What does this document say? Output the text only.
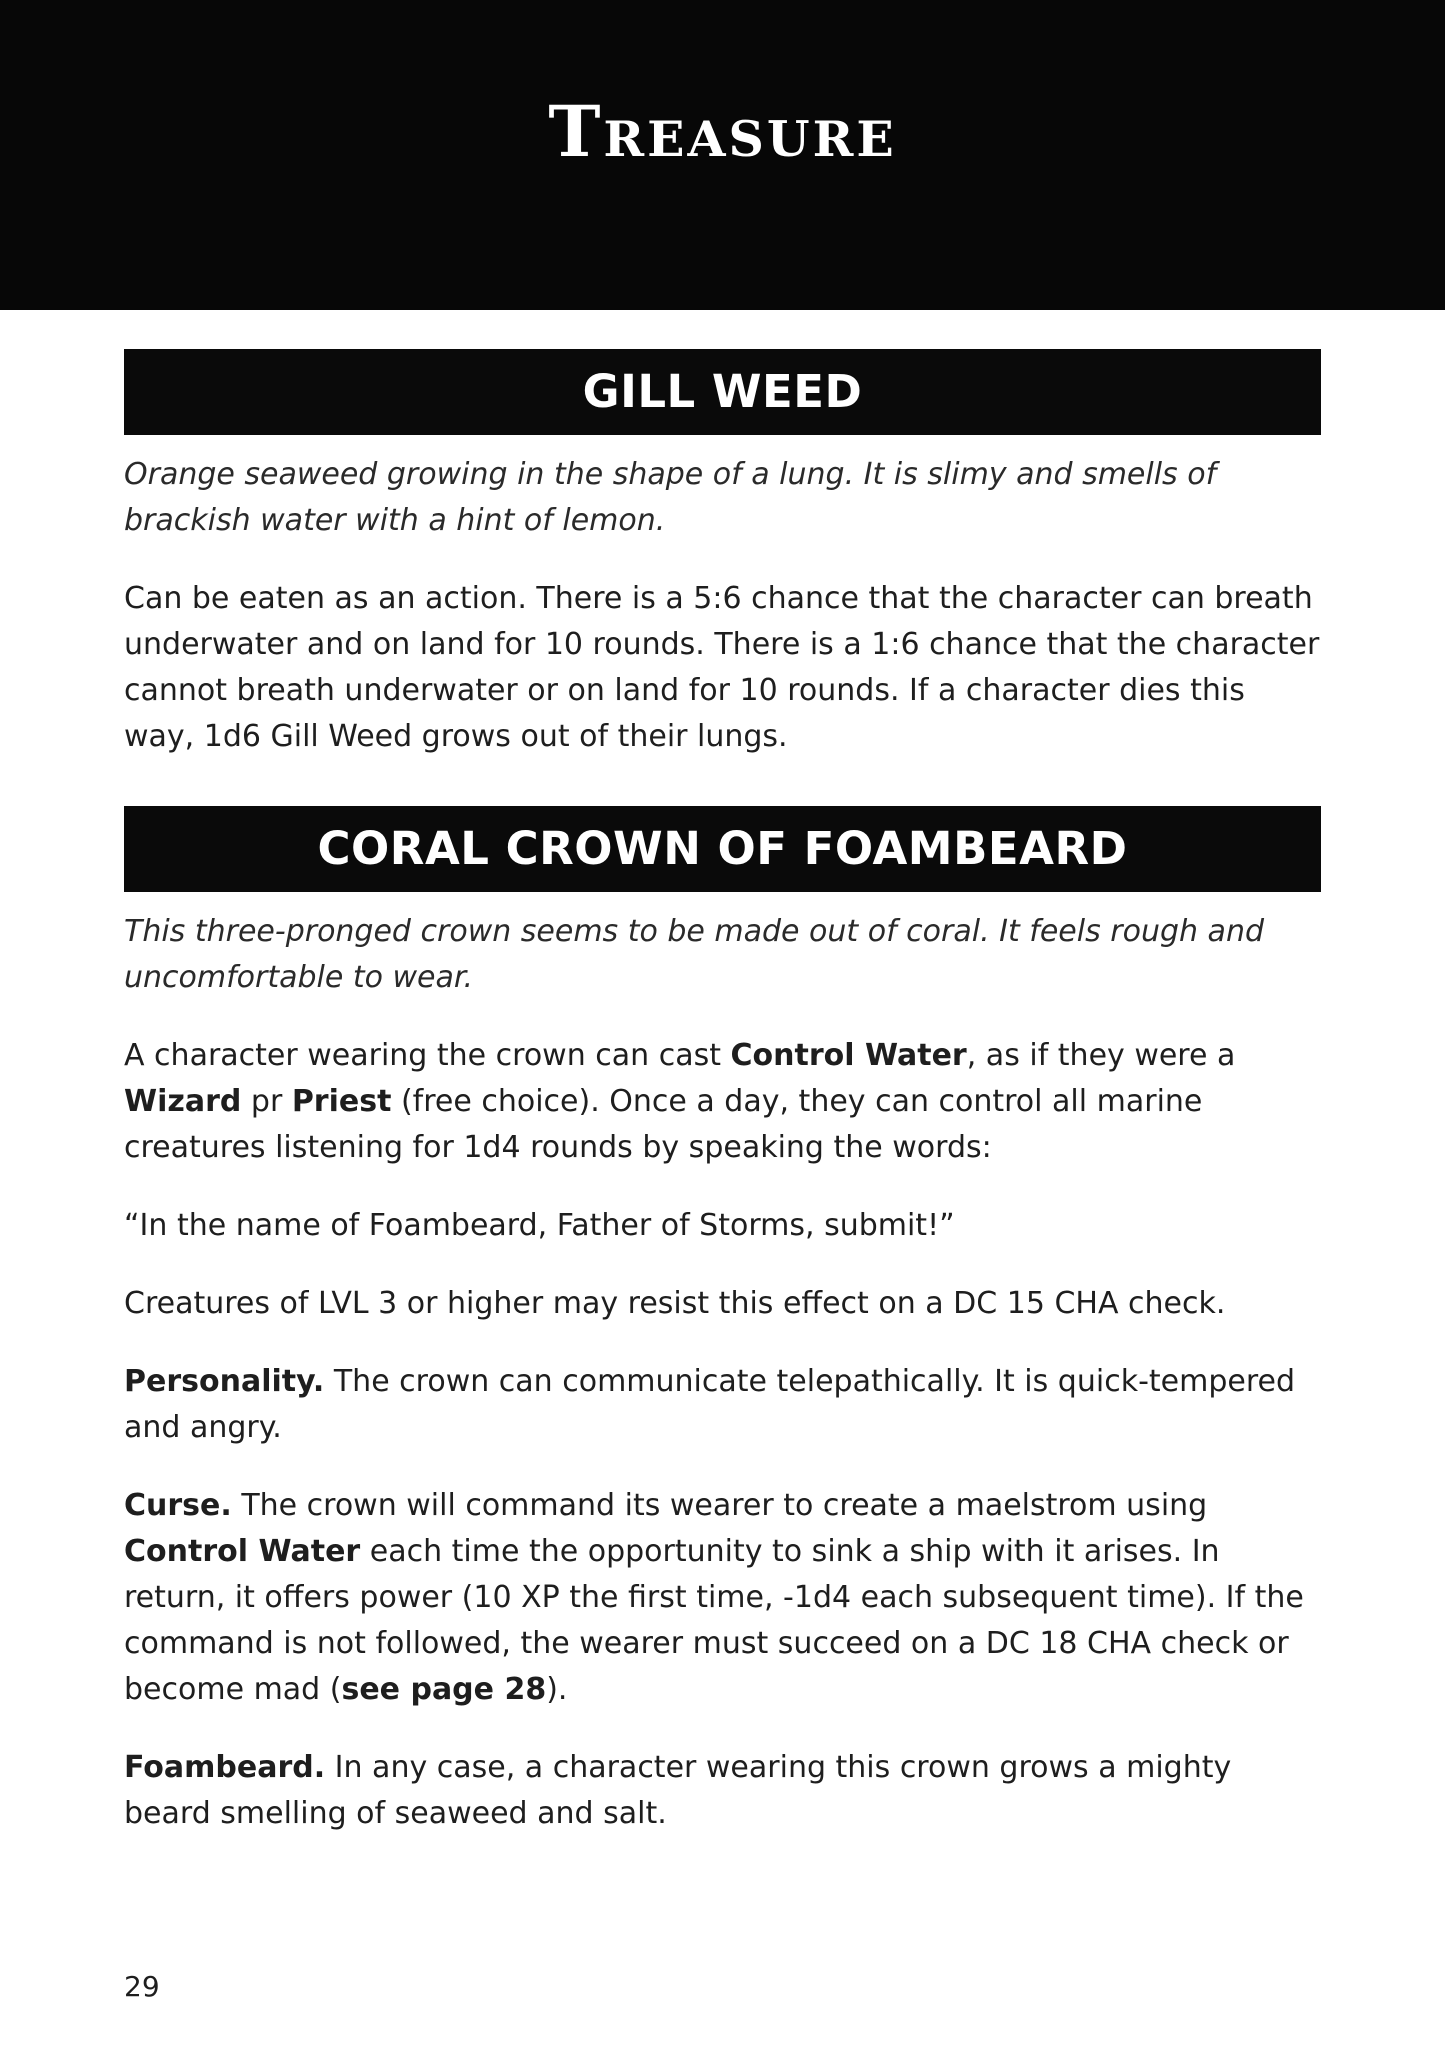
Treasure
GILL WEED

Orange seaweed growing in the shape of a lung. It is slimy and smells of brackish water with a hint of lemon.

Can be eaten as an action. There is a 5:6 chance that the character can breath underwater and on land for 10 rounds. There is a 1:6 chance that the character cannot breath underwater or on land for 10 rounds. If a character dies this way, 1d6 Gill Weed grows out of their lungs.

CORAL CROWN OF FOAMBEARD

This three-pronged crown seems to be made out of coral. It feels rough and uncomfortable to wear.

A character wearing the crown can cast Control Water, as if they were a Wizard pr Priest (free choice). Once a day, they can control all marine creatures listening for 1d4 rounds by speaking the words:

“In the name of Foambeard, Father of Storms, submit!”

Creatures of LVL 3 or higher may resist this effect on a DC 15 CHA check.

Personality. The crown can communicate telepathically. It is quick-tempered and angry.

Curse. The crown will command its wearer to create a maelstrom using Control Water each time the opportunity to sink a ship with it arises. In return, it offers power (10 XP the first time, -1d4 each subsequent time). If the command is not followed, the wearer must succeed on a DC 18 CHA check or become mad (see page 28).

Foambeard. In any case, a character wearing this crown grows a mighty beard smelling of seaweed and salt.

29
